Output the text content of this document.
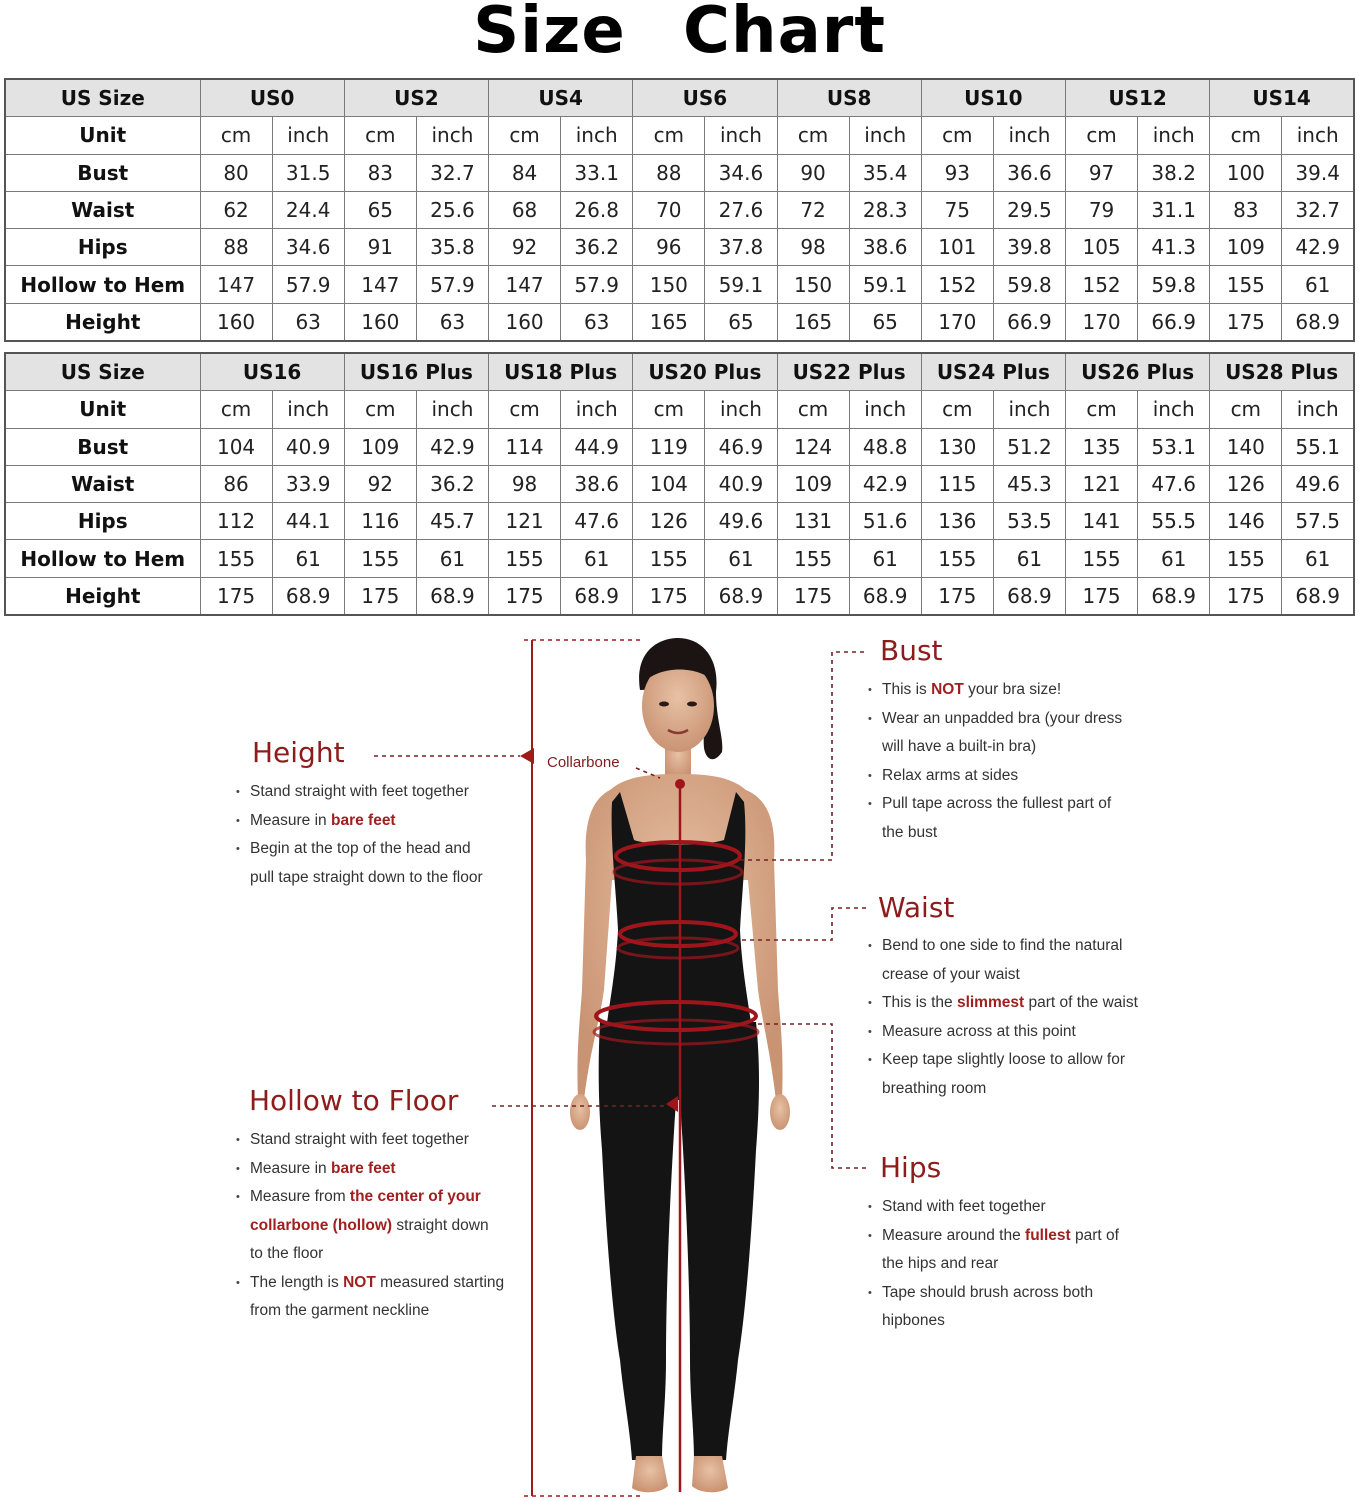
Size Chart
US Size	US0		US2		US4		US6		US8		US10		US12		US14	
Unit	cm	inch	cm	inch	cm	inch	cm	inch	cm	inch	cm	inch	cm	inch	cm	inch
Bust	80	31.5	83	32.7	84	33.1	88	34.6	90	35.4	93	36.6	97	38.2	100	39.4
Waist	62	24.4	65	25.6	68	26.8	70	27.6	72	28.3	75	29.5	79	31.1	83	32.7
Hips	88	34.6	91	35.8	92	36.2	96	37.8	98	38.6	101	39.8	105	41.3	109	42.9
Hollow to Hem	147	57.9	147	57.9	147	57.9	150	59.1	150	59.1	152	59.8	152	59.8	155	61
Height	160	63	160	63	160	63	165	65	165	65	170	66.9	170	66.9	175	68.9
US Size	US16		US16 Plus		US18 Plus		US20 Plus		US22 Plus		US24 Plus		US26 Plus		US28 Plus	
Unit	cm	inch	cm	inch	cm	inch	cm	inch	cm	inch	cm	inch	cm	inch	cm	inch
Bust	104	40.9	109	42.9	114	44.9	119	46.9	124	48.8	130	51.2	135	53.1	140	55.1
Waist	86	33.9	92	36.2	98	38.6	104	40.9	109	42.9	115	45.3	121	47.6	126	49.6
Hips	112	44.1	116	45.7	121	47.6	126	49.6	131	51.6	136	53.5	141	55.5	146	57.5
Hollow to Hem	155	61	155	61	155	61	155	61	155	61	155	61	155	61	155	61
Height	175	68.9	175	68.9	175	68.9	175	68.9	175	68.9	175	68.9	175	68.9	175	68.9
Collarbone
Height
• Stand straight with feet together
• Measure in bare feet
• Begin at the top of the head and
pull tape straight down to the floor
Hollow to Floor
• Stand straight with feet together
• Measure in bare feet
• Measure from the center of your
collarbone (hollow) straight down
to the floor
• The length is NOT measured starting
from the garment neckline
Bust
• This is NOT your bra size!
• Wear an unpadded bra (your dress
will have a built-in bra)
• Relax arms at sides
• Pull tape across the fullest part of
the bust
Waist
• Bend to one side to find the natural
crease of your waist
• This is the slimmest part of the waist
• Measure across at this point
• Keep tape slightly loose to allow for
breathing room
Hips
• Stand with feet together
• Measure around the fullest part of
the hips and rear
• Tape should brush across both
hipbones
